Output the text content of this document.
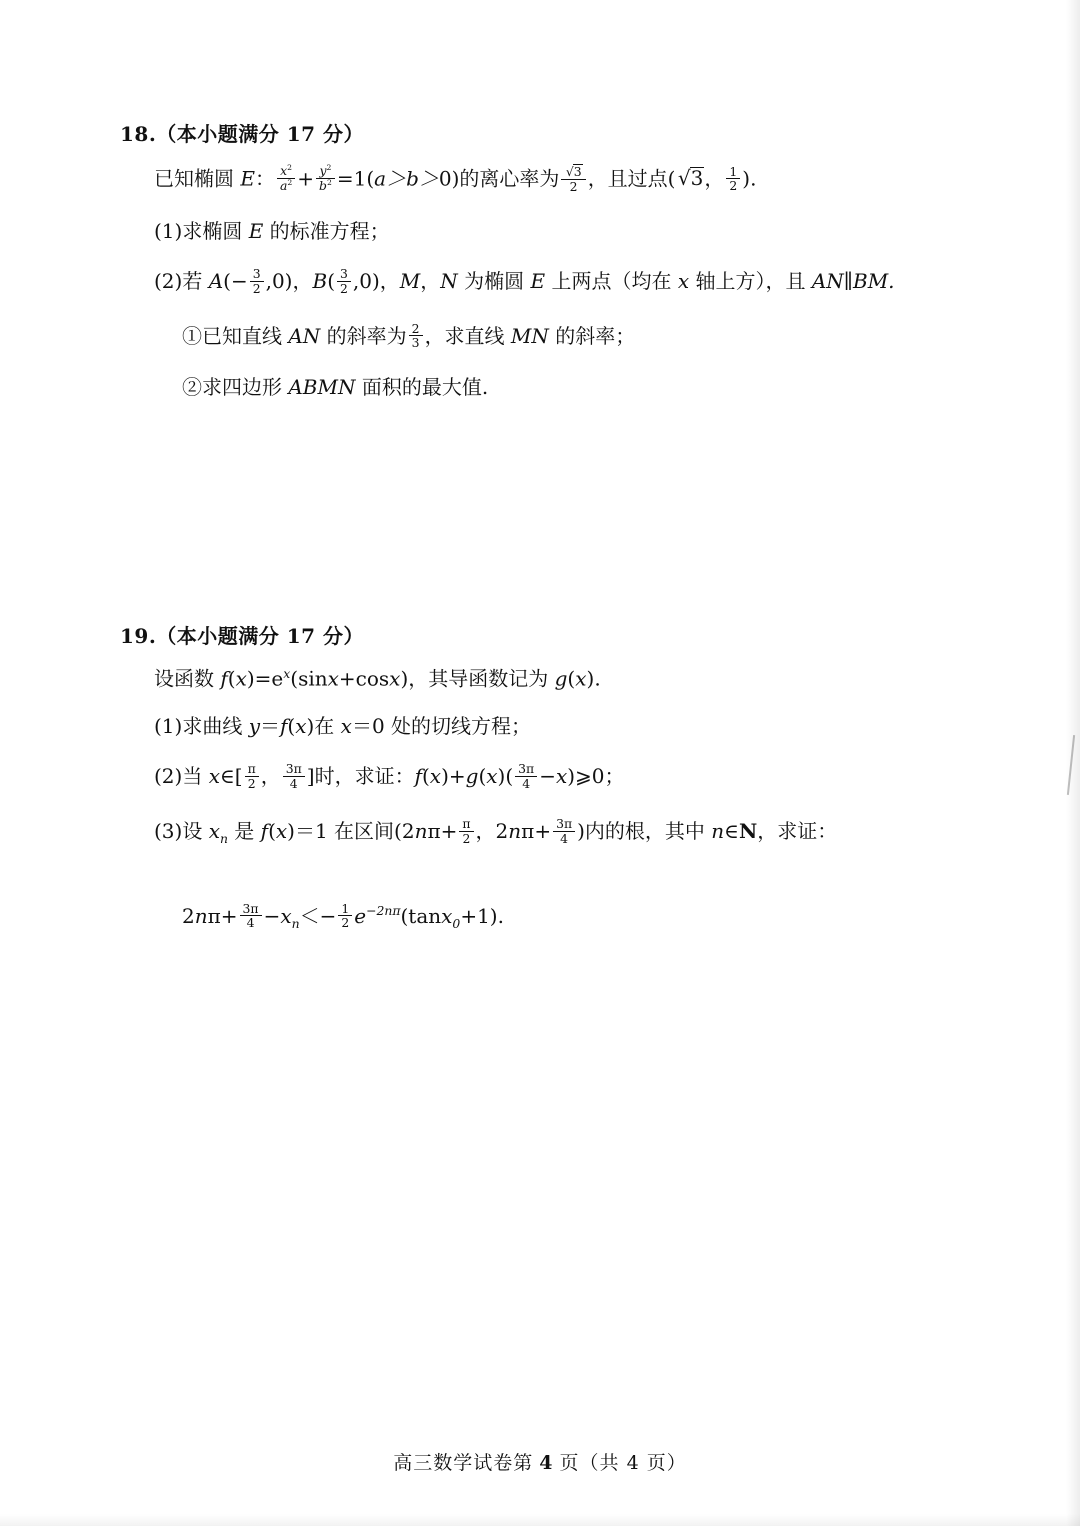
18.（本小题满分 17 分）
已知椭圆 E： $\frac{x^2}{a^2} + \frac{y^2}{b^2} =1(a>b>0)$的离心率为 $\frac{√3}{2}$ ，且过点( √3， $\frac{1}{2}$ ).
(1)求椭圆 E 的标准方程；
(2)若 $A(- \frac{3}{2} ,0)$，$B( \frac{3}{2} ,0)$，M，N 为椭圆 E 上两点（均在 x 轴上方），且 AN∥BM.
①已知直线 AN 的斜率为 $\frac{2}{3}$ ，求直线 MN 的斜率；
②求四边形 ABMN 面积的最大值.
19.（本小题满分 17 分）
设函数 $f(x)=e^x(\sin x+\cos x)$，其导函数记为 g(x).
(1)求曲线 y＝f(x)在 x＝0 处的切线方程；
(2)当 x∈[ $\frac{\pi}{2}$ ， $\frac{3\pi}{4}$ ]时，求证：$f(x)+g(x)( \frac{3\pi}{4}$ −x)⩾0；
(3)设 $x_n$ 是 f(x)＝1 在区间($2n\pi+ \frac{\pi}{2}$ ，$2n\pi+ \frac{3\pi}{4}$ )内的根，其中 n∈N，求证：
$2n\pi+ \frac{3\pi}{4} -x_n<- \frac{1}{2} e^{-2n\pi}(\tan x_0+1)$.
高三数学试卷第 4 页（共 4 页）
